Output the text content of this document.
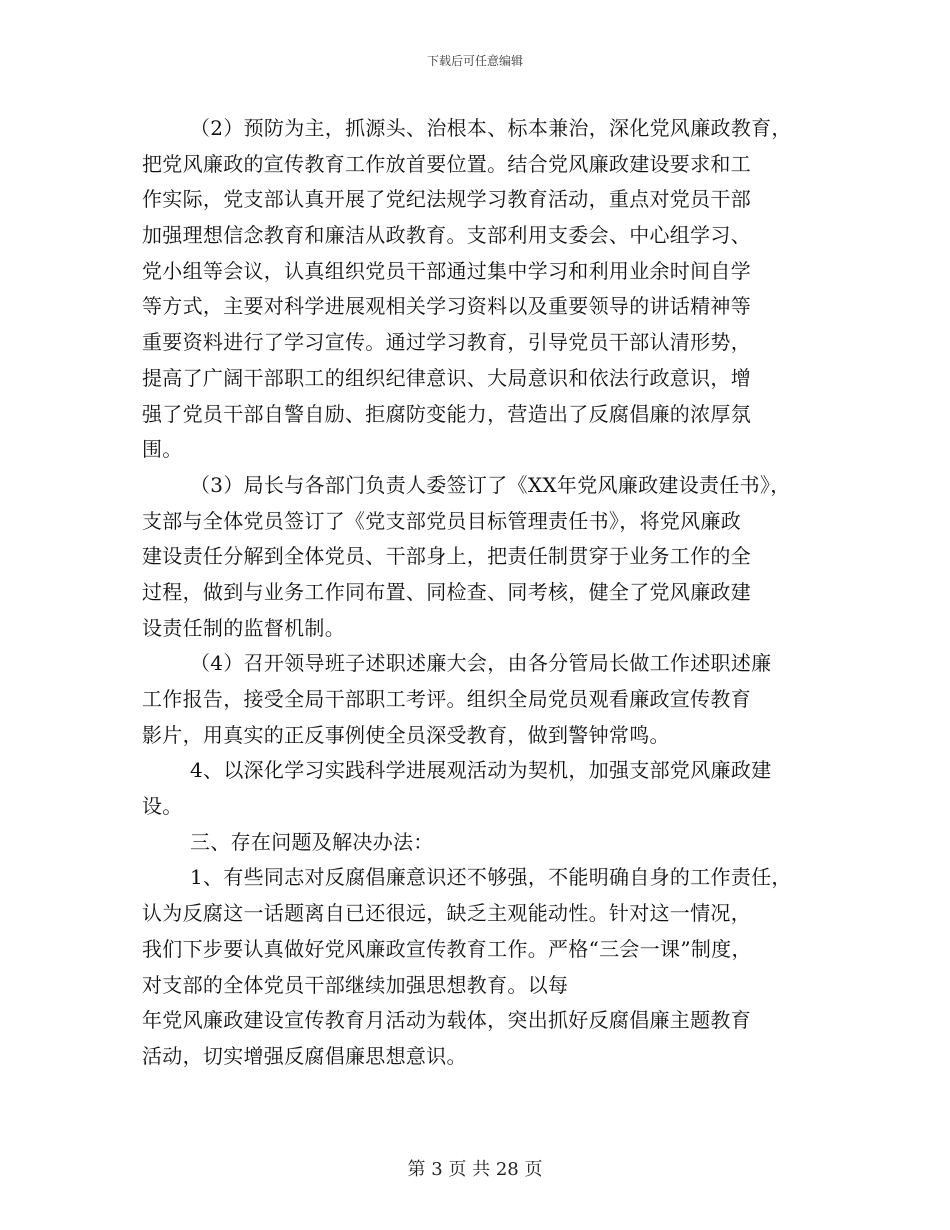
下载后可任意编辑
（2）预防为主，抓源头、治根本、标本兼治，深化党风廉政教育，
把党风廉政的宣传教育工作放首要位置。结合党风廉政建设要求和工
作实际，党支部认真开展了党纪法规学习教育活动，重点对党员干部
加强理想信念教育和廉洁从政教育。支部利用支委会、中心组学习、
党小组等会议，认真组织党员干部通过集中学习和利用业余时间自学
等方式，主要对科学进展观相关学习资料以及重要领导的讲话精神等
重要资料进行了学习宣传。通过学习教育，引导党员干部认清形势，
提高了广阔干部职工的组织纪律意识、大局意识和依法行政意识，增
强了党员干部自警自励、拒腐防变能力，营造出了反腐倡廉的浓厚氛
围。
（3）局长与各部门负责人委签订了《XX年党风廉政建设责任书》，
支部与全体党员签订了《党支部党员目标管理责任书》，将党风廉政
建设责任分解到全体党员、干部身上，把责任制贯穿于业务工作的全
过程，做到与业务工作同布置、同检查、同考核，健全了党风廉政建
设责任制的监督机制。
（4）召开领导班子述职述廉大会，由各分管局长做工作述职述廉
工作报告，接受全局干部职工考评。组织全局党员观看廉政宣传教育
影片，用真实的正反事例使全员深受教育，做到警钟常鸣。
4、以深化学习实践科学进展观活动为契机，加强支部党风廉政建
设。
三、存在问题及解决办法：
1、有些同志对反腐倡廉意识还不够强，不能明确自身的工作责任，
认为反腐这一话题离自已还很远，缺乏主观能动性。针对这一情况，
我们下步要认真做好党风廉政宣传教育工作。严格“三会一课”制度，
对支部的全体党员干部继续加强思想教育。以每
年党风廉政建设宣传教育月活动为载体，突出抓好反腐倡廉主题教育
活动，切实增强反腐倡廉思想意识。
第 3 页 共 28 页
